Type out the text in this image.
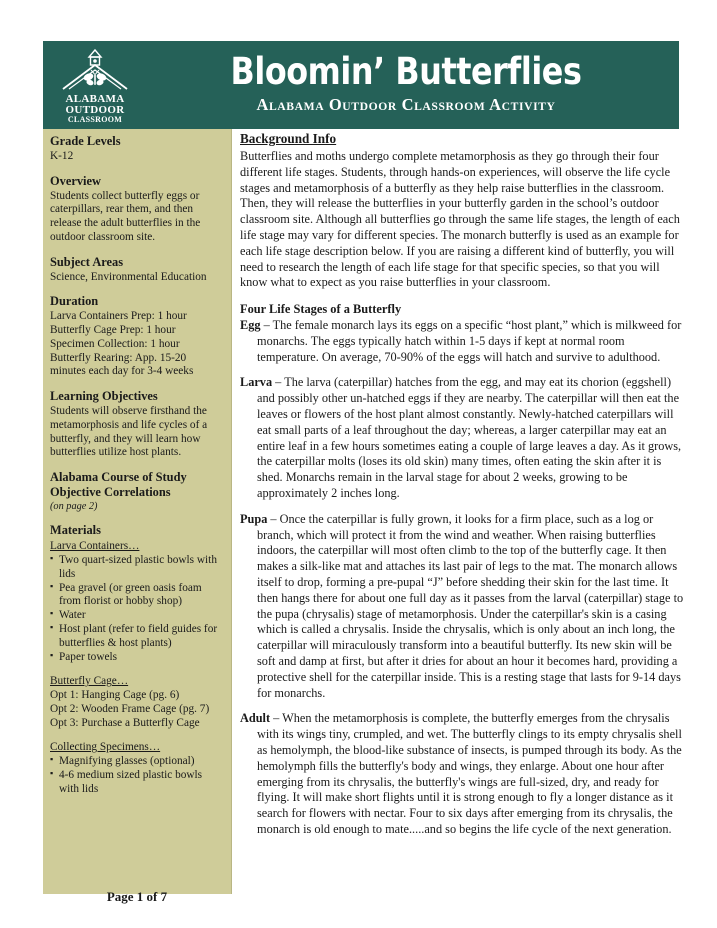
ALABAMA
OUTDOOR
CLASSROOM
Bloomin’ Butterflies
Alabama Outdoor Classroom Activity
Grade Levels
K-12
Overview
Students collect butterfly eggs or caterpillars, rear them, and then release the adult butterflies in the outdoor classroom site.
Subject Areas
Science, Environmental Education
Duration
Larva Containers Prep: 1 hour
Butterfly Cage Prep: 1 hour
Specimen Collection: 1 hour
Butterfly Rearing: App. 15-20 minutes each day for 3-4 weeks
Learning Objectives
Students will observe firsthand the metamorphosis and life cycles of a butterfly, and they will learn how butterflies utilize host plants.
Alabama Course of Study Objective Correlations
(on page 2)
Materials
Larva Containers…
▪ Two quart-sized plastic bowls with lids
▪ Pea gravel (or green oasis foam from florist or hobby shop)
▪ Water
▪ Host plant (refer to field guides for butterflies & host plants)
▪ Paper towels
Butterfly Cage…
Opt 1: Hanging Cage (pg. 6)
Opt 2: Wooden Frame Cage (pg. 7)
Opt 3: Purchase a Butterfly Cage
Collecting Specimens…
▪ Magnifying glasses (optional)
▪ 4-6 medium sized plastic bowls with lids
Page 1 of 7
Background Info
Butterflies and moths undergo complete metamorphosis as they go through their four different life stages. Students, through hands-on experiences, will observe the life cycle stages and metamorphosis of a butterfly as they help raise butterflies in the classroom. Then, they will release the butterflies in your butterfly garden in the school’s outdoor classroom site. Although all butterflies go through the same life stages, the length of each life stage may vary for different species. The monarch butterfly is used as an example for each life stage description below. If you are raising a different kind of butterfly, you will need to research the length of each life stage for that specific species, so that you will know what to expect as you raise butterflies in your classroom.
Four Life Stages of a Butterfly

Egg – The female monarch lays its eggs on a specific “host plant,” which is milkweed for monarchs. The eggs typically hatch within 1-5 days if kept at normal room temperature. On average, 70-90% of the eggs will hatch and survive to adulthood.

Larva – The larva (caterpillar) hatches from the egg, and may eat its chorion (eggshell) and possibly other un-hatched eggs if they are nearby. The caterpillar will then eat the leaves or flowers of the host plant almost constantly. Newly-hatched caterpillars will eat small parts of a leaf throughout the day; whereas, a larger caterpillar may eat an entire leaf in a few hours sometimes eating a couple of large leaves a day. As it grows, the caterpillar molts (loses its old skin) many times, often eating the skin after it is shed. Monarchs remain in the larval stage for about 2 weeks, growing to be approximately 2 inches long.

Pupa – Once the caterpillar is fully grown, it looks for a firm place, such as a log or branch, which will protect it from the wind and weather. When raising butterflies indoors, the caterpillar will most often climb to the top of the butterfly cage. It then makes a silk-like mat and attaches its last pair of legs to the mat. The monarch allows itself to drop, forming a pre-pupal “J” before shedding their skin for the last time. It then hangs there for about one full day as it passes from the larval (caterpillar) stage to the pupa (chrysalis) stage of metamorphosis. Under the caterpillar's skin is a casing which is called a chrysalis. Inside the chrysalis, which is only about an inch long, the caterpillar will miraculously transform into a beautiful butterfly. Its new skin will be soft and damp at first, but after it dries for about an hour it becomes hard, providing a protective shell for the caterpillar inside. This is a resting stage that lasts for 9-14 days for monarchs.

Adult – When the metamorphosis is complete, the butterfly emerges from the chrysalis with its wings tiny, crumpled, and wet. The butterfly clings to its empty chrysalis shell as hemolymph, the blood-like substance of insects, is pumped through its body. As the hemolymph fills the butterfly's body and wings, they enlarge. About one hour after emerging from its chrysalis, the butterfly's wings are full-sized, dry, and ready for flying. It will make short flights until it is strong enough to fly a longer distance as it search for flowers with nectar. Four to six days after emerging from its chrysalis, the monarch is old enough to mate.....and so begins the life cycle of the next generation.
